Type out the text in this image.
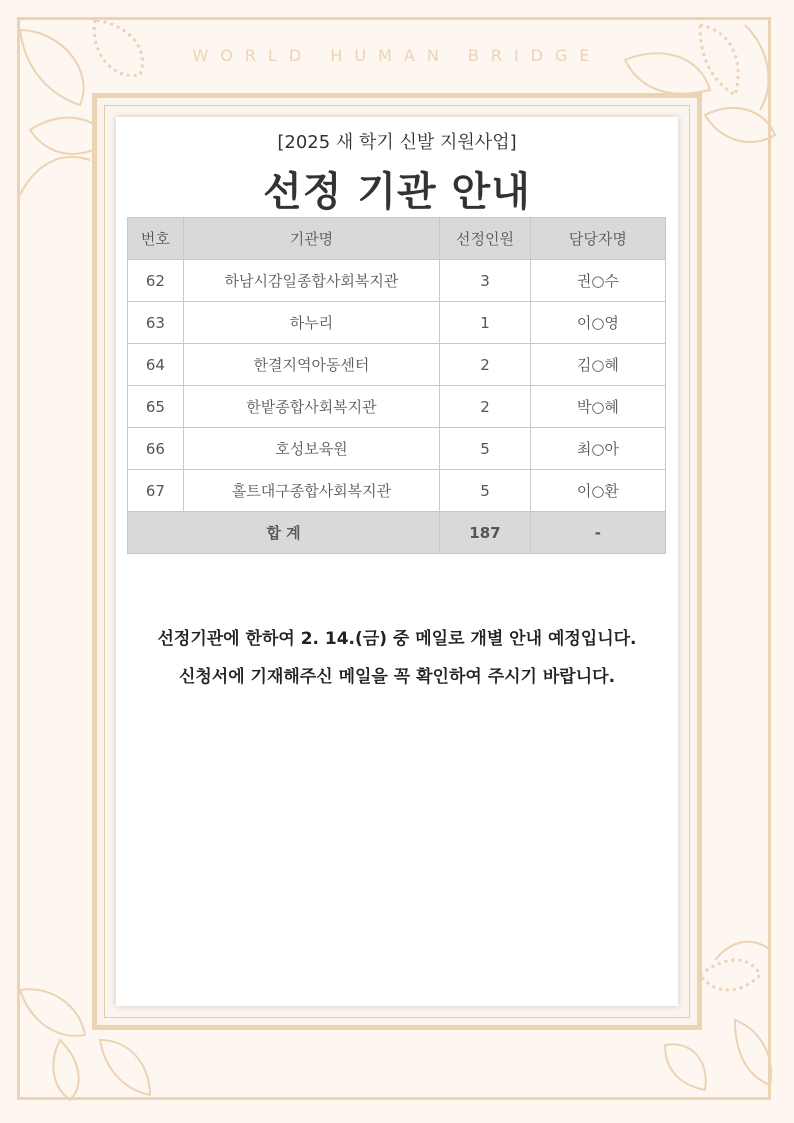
WORLD HUMAN BRIDGE
[2025 새 학기 신발 지원사업]
선정 기관 안내
번호	기관명	선정인원	담당자명
62	하남시감일종합사회복지관	3	권○수
63	하누리	1	이○영
64	한결지역아동센터	2	김○혜
65	한밭종합사회복지관	2	박○혜
66	호성보육원	5	최○아
67	홀트대구종합사회복지관	5	이○환
합 계		187	-
선정기관에 한하여 2. 14.(금) 중 메일로 개별 안내 예정입니다.
신청서에 기재해주신 메일을 꼭 확인하여 주시기 바랍니다.
